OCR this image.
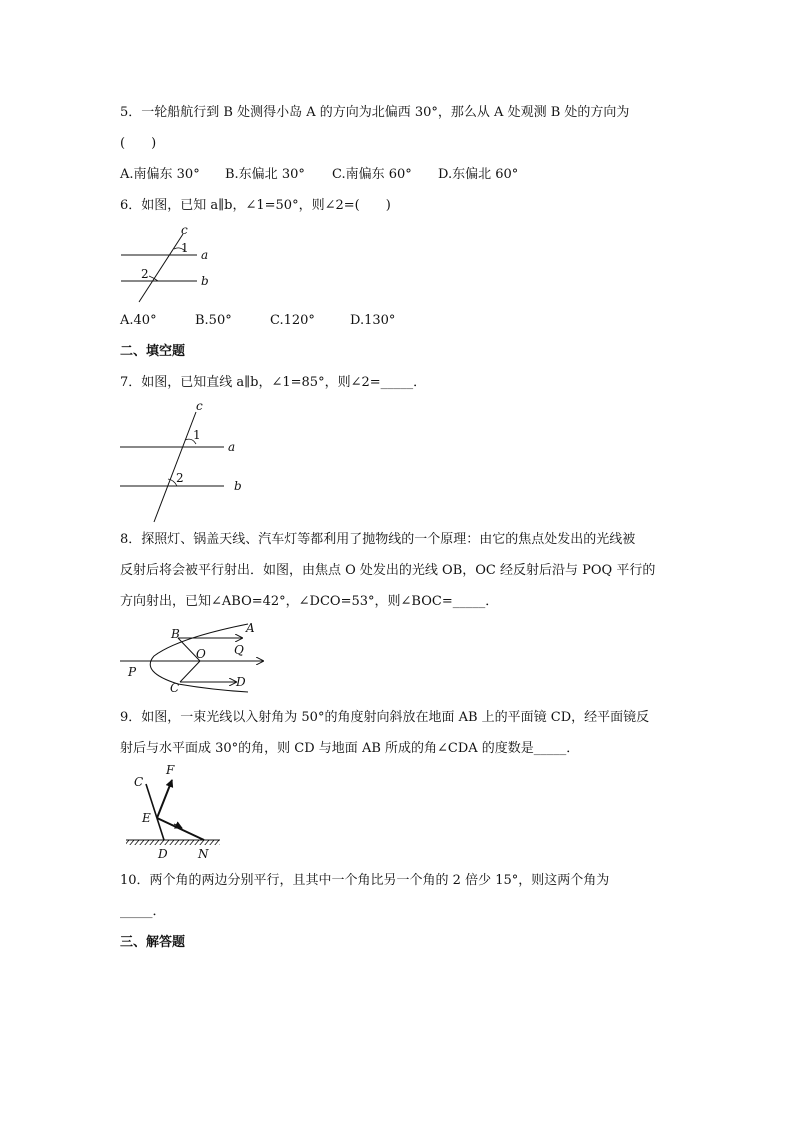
5．一轮船航行到 B 处测得小岛 A 的方向为北偏西 30°，那么从 A 处观测 B 处的方向为
(　　)
A.南偏东 30° B.东偏北 30° C.南偏东 60° D.东偏北 60°
6．如图，已知 a∥b，∠1=50°，则∠2=(　　)
c
1 a
2	b
A.40°	B.50°	C.120°	D.130°
二、填空题
7．如图，已知直线 a∥b，∠1=85°，则∠2=_____．
c
1
a
2
b
8．探照灯、锅盖天线、汽车灯等都利用了抛物线的一个原理：由它的焦点处发出的光线被
反射后将会被平行射出．如图，由焦点 O 处发出的光线 OB，OC 经反射后沿与 POQ 平行的
方向射出，已知∠ABO=42°，∠DCO=53°，则∠BOC=_____．
B	A
O Q
P
C	D
9．如图，一束光线以入射角为 50°的角度射向斜放在地面 AB 上的平面镜 CD，经平面镜反
射后与水平面成 30°的角，则 CD 与地面 AB 所成的角∠CDA 的度数是_____．
C
F
E
D	N
10．两个角的两边分别平行，且其中一个角比另一个角的 2 倍少 15°，则这两个角为
_____．
三、解答题
